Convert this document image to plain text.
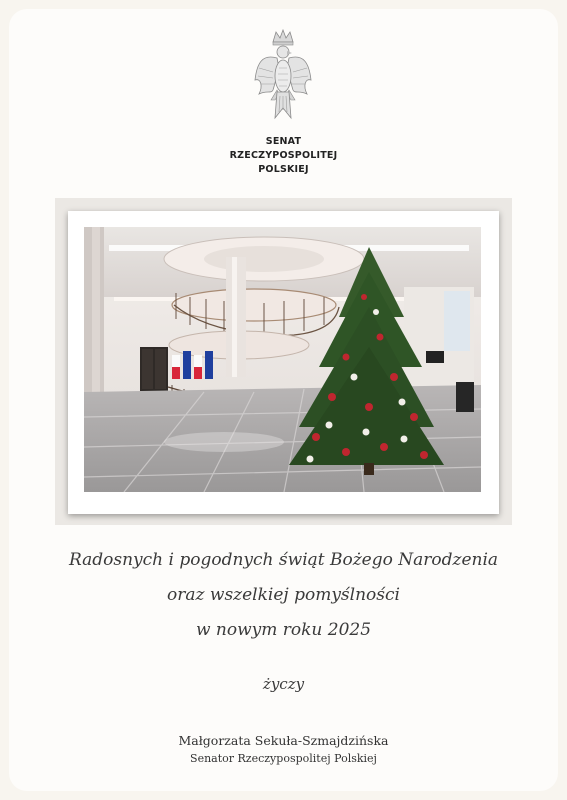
SENAT
RZECZYPOSPOLITEJ
POLSKIEJ
Radosnych i pogodnych świąt Bożego Narodzenia
oraz wszelkiej pomyślności
w nowym roku 2025
życzy
Małgorzata Sekuła-Szmajdzińska
Senator Rzeczypospolitej Polskiej
